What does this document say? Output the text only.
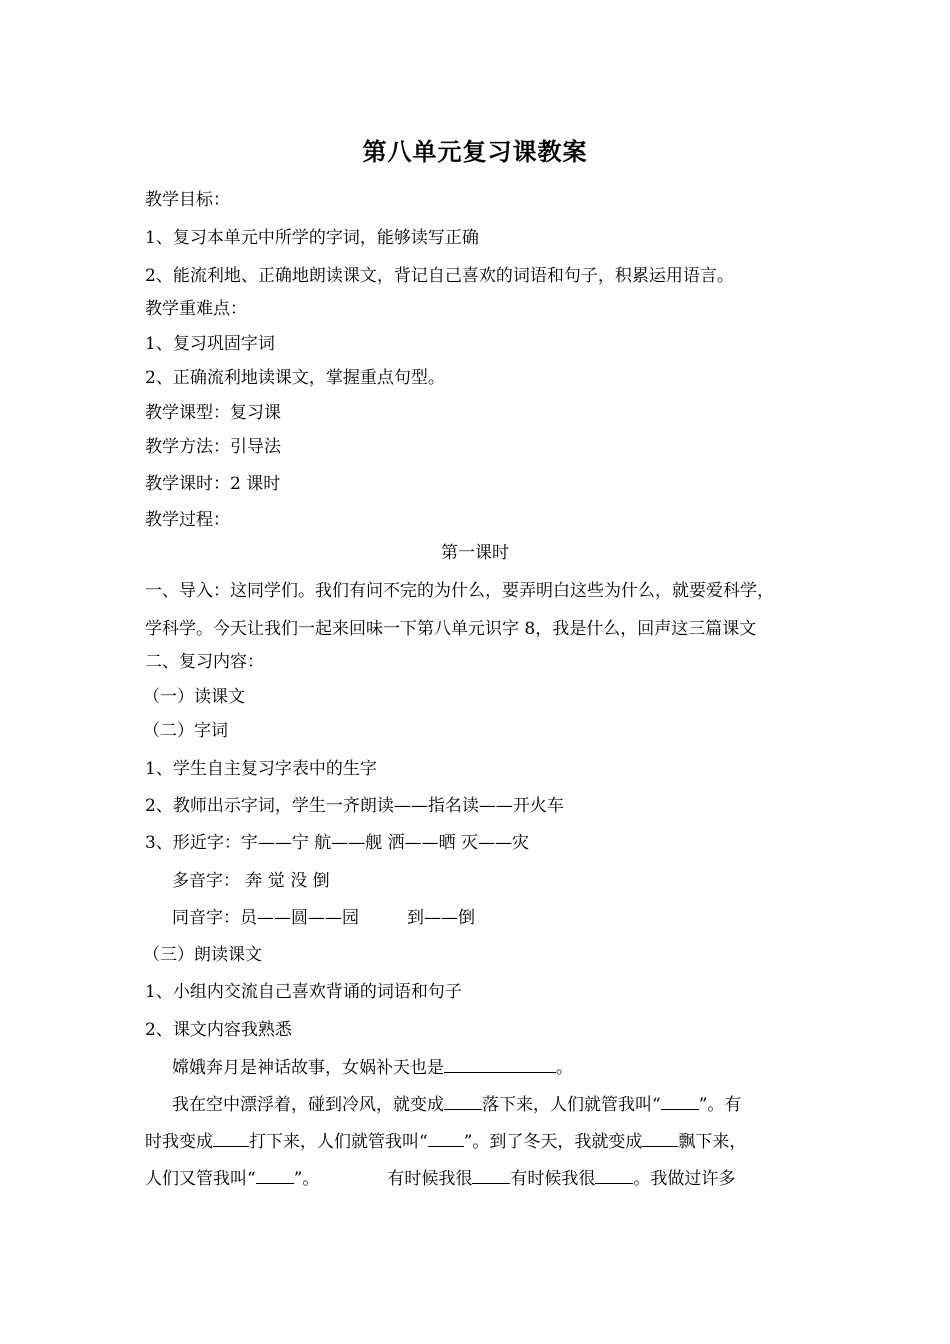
第八单元复习课教案
教学目标：
1、复习本单元中所学的字词，能够读写正确
2、能流利地、正确地朗读课文，背记自己喜欢的词语和句子，积累运用语言。
教学重难点：
1、复习巩固字词
2、正确流利地读课文，掌握重点句型。
教学课型：复习课
教学方法：引导法
教学课时：2 课时
教学过程：
第一课时
一、导入：这同学们。我们有问不完的为什么，要弄明白这些为什么，就要爱科学，
学科学。今天让我们一起来回味一下第八单元识字 8，我是什么，回声这三篇课文
二、复习内容：
（一）读课文
（二）字词
1、学生自主复习字表中的生字
2、教师出示字词，学生一齐朗读——指名读——开火车
3、形近字：宇——宁 航——舰 洒——晒 灭——灾
多音字： 奔 觉 没 倒
同音字：员——圆——园	到——倒
（三）朗读课文
1、小组内交流自己喜欢背诵的词语和句子
2、课文内容我熟悉
嫦娥奔月是神话故事，女娲补天也是	。
我在空中漂浮着，碰到冷风，就变成 落下来，人们就管我叫“ ”。有
时我变成 打下来，人们就管我叫“ ”。到了冬天，我就变成 飘下来，
人们又管我叫“ ”。	有时候我很 有时候我很 。我做过许多
